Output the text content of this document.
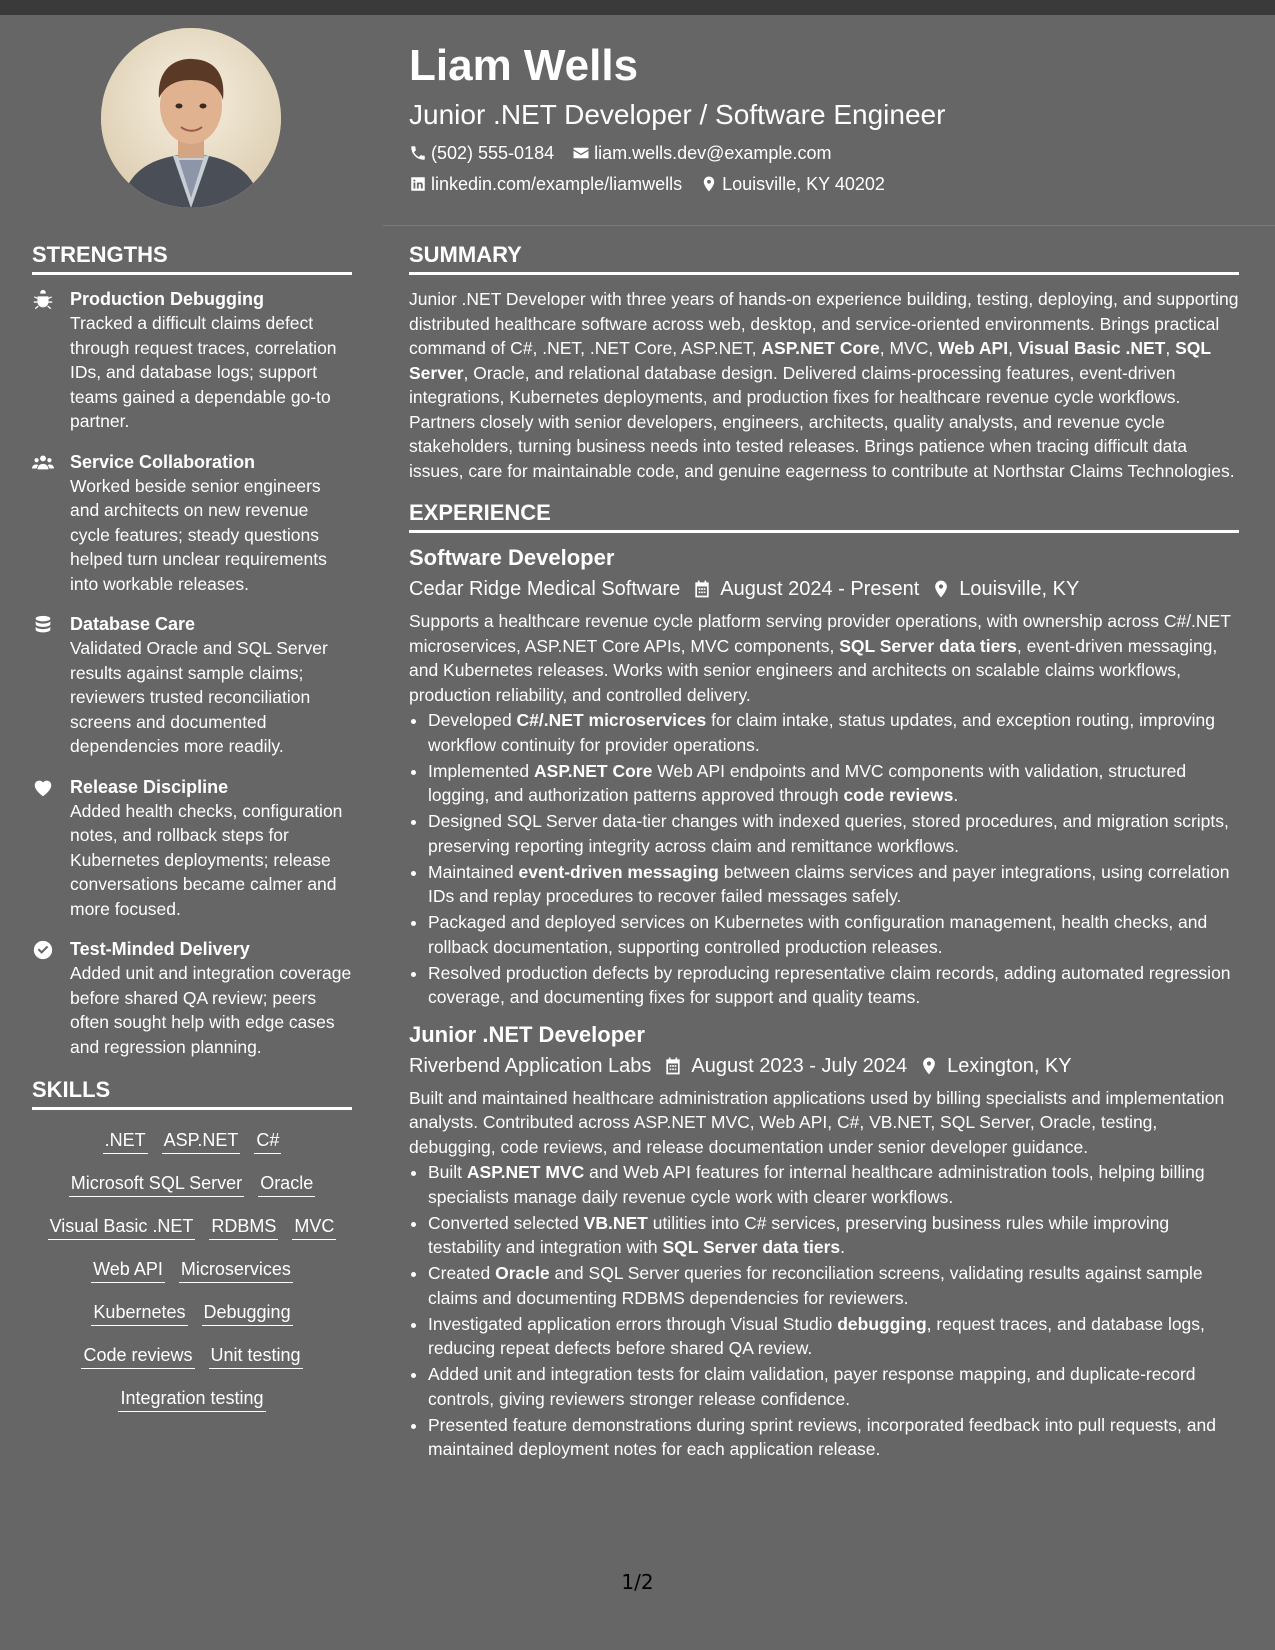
Liam Wells
Junior .NET Developer / Software Engineer
(502) 555-0184 liam.wells.dev@example.com
linkedin.com/example/liamwells Louisville, KY 40202
STRENGTHS
Production Debugging
Tracked a difficult claims defect through request traces, correlation IDs, and database logs; support teams gained a dependable go-to partner.
Service Collaboration
Worked beside senior engineers and architects on new revenue cycle features; steady questions helped turn unclear requirements into workable releases.
Database Care
Validated Oracle and SQL Server results against sample claims; reviewers trusted reconciliation screens and documented dependencies more readily.
Release Discipline
Added health checks, configuration notes, and rollback steps for Kubernetes deployments; release conversations became calmer and more focused.
Test-Minded Delivery
Added unit and integration coverage before shared QA review; peers often sought help with edge cases and regression planning.
SKILLS
.NET ASP.NET C#
Microsoft SQL Server Oracle
Visual Basic .NET RDBMS MVC
Web API Microservices
Kubernetes Debugging
Code reviews Unit testing
Integration testing
SUMMARY

Junior .NET Developer with three years of hands-on experience building, testing, deploying, and supporting distributed healthcare software across web, desktop, and service-oriented environments. Brings practical command of C#, .NET, .NET Core, ASP.NET, ASP.NET Core, MVC, Web API, Visual Basic .NET, SQL Server, Oracle, and relational database design. Delivered claims-processing features, event-driven integrations, Kubernetes deployments, and production fixes for healthcare revenue cycle workflows. Partners closely with senior developers, engineers, architects, quality analysts, and revenue cycle stakeholders, turning business needs into tested releases. Brings patience when tracing difficult data issues, care for maintainable code, and genuine eagerness to contribute at Northstar Claims Technologies.

EXPERIENCE
Software Developer
Cedar Ridge Medical Software August 2024 - Present Louisville, KY

Supports a healthcare revenue cycle platform serving provider operations, with ownership across C#/.NET microservices, ASP.NET Core APIs, MVC components, SQL Server data tiers, event-driven messaging, and Kubernetes releases. Works with senior engineers and architects on scalable claims workflows, production reliability, and controlled delivery.

• Developed C#/.NET microservices for claim intake, status updates, and exception routing, improving workflow continuity for provider operations.
• Implemented ASP.NET Core Web API endpoints and MVC components with validation, structured logging, and authorization patterns approved through code reviews.
• Designed SQL Server data-tier changes with indexed queries, stored procedures, and migration scripts, preserving reporting integrity across claim and remittance workflows.
• Maintained event-driven messaging between claims services and payer integrations, using correlation IDs and replay procedures to recover failed messages safely.
• Packaged and deployed services on Kubernetes with configuration management, health checks, and rollback documentation, supporting controlled production releases.
• Resolved production defects by reproducing representative claim records, adding automated regression coverage, and documenting fixes for support and quality teams.
Junior .NET Developer
Riverbend Application Labs August 2023 - July 2024 Lexington, KY

Built and maintained healthcare administration applications used by billing specialists and implementation analysts. Contributed across ASP.NET MVC, Web API, C#, VB.NET, SQL Server, Oracle, testing, debugging, code reviews, and release documentation under senior developer guidance.

• Built ASP.NET MVC and Web API features for internal healthcare administration tools, helping billing specialists manage daily revenue cycle work with clearer workflows.
• Converted selected VB.NET utilities into C# services, preserving business rules while improving testability and integration with SQL Server data tiers.
• Created Oracle and SQL Server queries for reconciliation screens, validating results against sample claims and documenting RDBMS dependencies for reviewers.
• Investigated application errors through Visual Studio debugging, request traces, and database logs, reducing repeat defects before shared QA review.
• Added unit and integration tests for claim validation, payer response mapping, and duplicate-record controls, giving reviewers stronger release confidence.
• Presented feature demonstrations during sprint reviews, incorporated feedback into pull requests, and maintained deployment notes for each application release.
1/2
